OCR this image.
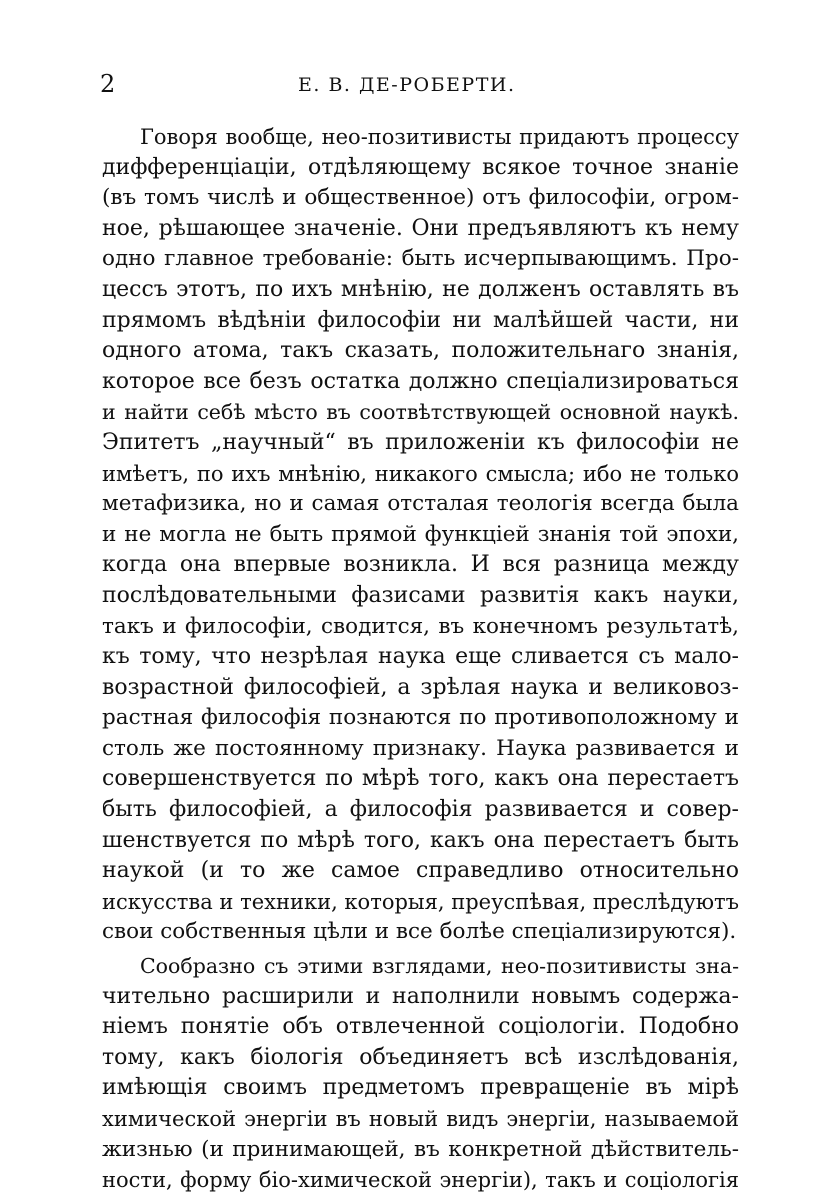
2	Е. В. ДЕ-РОБЕРТИ.
Говоря вообще, нео-позитивисты придаютъ процессу
дифференціаціи, отдѣляющему всякое точное знаніе
(въ томъ числѣ и общественное) отъ философіи, огром-
ное, рѣшающее значеніе. Они предъявляютъ къ нему
одно главное требованіе: быть исчерпывающимъ. Про-
цессъ этотъ, по ихъ мнѣнію, не долженъ оставлять въ
прямомъ вѣдѣніи философіи ни малѣйшей части, ни
одного атома, такъ сказать, положительнаго знанія,
которое все безъ остатка должно спеціализироваться
и найти себѣ мѣсто въ соотвѣтствующей основной наукѣ.
Эпитетъ „научный“ въ приложеніи къ философіи не
имѣетъ, по ихъ мнѣнію, никакого смысла; ибо не только
метафизика, но и самая отсталая теологія всегда была
и не могла не быть прямой функціей знанія той эпохи,
когда она впервые возникла. И вся разница между
послѣдовательными фазисами развитія какъ науки,
такъ и философіи, сводится, въ конечномъ результатѣ,
къ тому, что незрѣлая наука еще сливается съ мало-
возрастной философіей, а зрѣлая наука и великовоз-
растная философія познаются по противоположному и
столь же постоянному признаку. Наука развивается и
совершенствуется по мѣрѣ того, какъ она перестаетъ
быть философіей, а философія развивается и совер-
шенствуется по мѣрѣ того, какъ она перестаетъ быть
наукой (и то же самое справедливо относительно
искусства и техники, которыя, преуспѣвая, преслѣдуютъ
свои собственныя цѣли и все болѣе спеціализируются).
Сообразно съ этими взглядами, нео-позитивисты зна-
чительно расширили и наполнили новымъ содержа-
ніемъ понятіе объ отвлеченной соціологіи. Подобно
тому, какъ біологія объединяетъ всѣ изслѣдованія,
имѣющія своимъ предметомъ превращеніе въ мірѣ
химической энергіи въ новый видъ энергіи, называемой
жизнью (и принимающей, въ конкретной дѣйствитель-
ности, форму біо-химической энергіи), такъ и соціологія
